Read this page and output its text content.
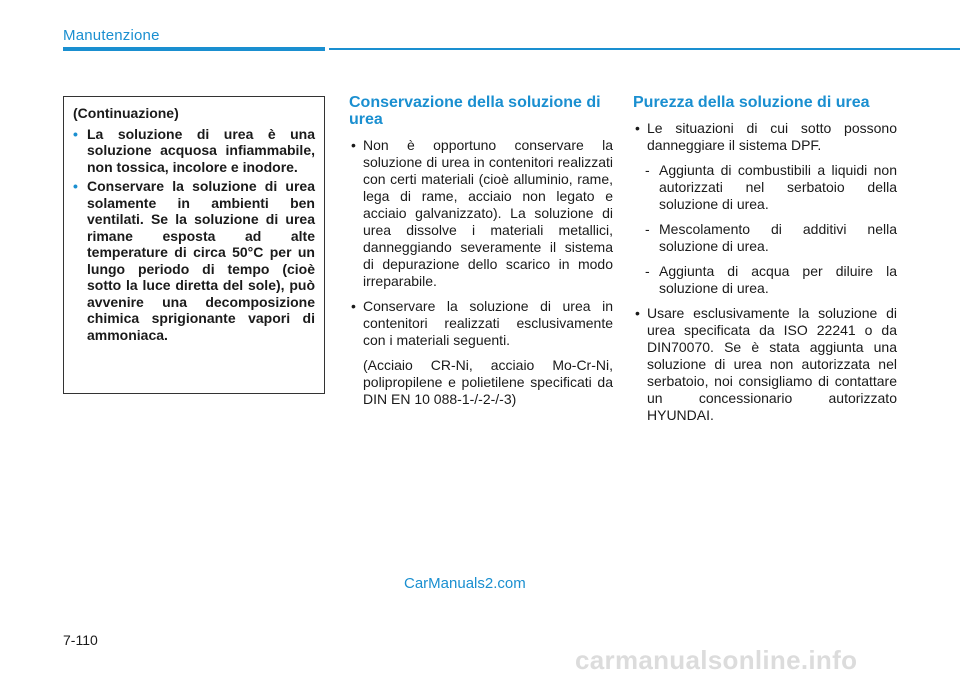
Manutenzione
(Continuazione)
• La soluzione di urea è una soluzione acquosa infiammabile, non tossica, incolore e inodore.
• Conservare la soluzione di urea solamente in ambienti ben ventilati. Se la soluzione di urea rimane esposta ad alte temperature di circa 50°C per un lungo periodo di tempo (cioè sotto la luce diretta del sole), può avvenire una decomposizione chimica sprigionante vapori di ammoniaca.
Conservazione della soluzione di urea
• Non è opportuno conservare la soluzione di urea in contenitori realizzati con certi materiali (cioè alluminio, rame, lega di rame, acciaio non legato e acciaio galvanizzato). La soluzione di urea dissolve i materiali metallici, danneggiando severamente il sistema di depurazione dello scarico in modo irreparabile.
• Conservare la soluzione di urea in contenitori realizzati esclusivamente con i materiali seguenti.
(Acciaio CR-Ni, acciaio Mo-Cr-Ni, polipropilene e polietilene specificati da DIN EN 10 088-1-/-2-/-3)
Purezza della soluzione di urea
• Le situazioni di cui sotto possono danneggiare il sistema DPF.
- Aggiunta di combustibili a liquidi non autorizzati nel serbatoio della soluzione di urea.
- Mescolamento di additivi nella soluzione di urea.
- Aggiunta di acqua per diluire la soluzione di urea.
• Usare esclusivamente la soluzione di urea specificata da ISO 22241 o da DIN70070. Se è stata aggiunta una soluzione di urea non autorizzata nel serbatoio, noi consigliamo di contattare un concessionario autorizzato HYUNDAI.
CarManuals2.com
7-110
carmanualsonline.info
